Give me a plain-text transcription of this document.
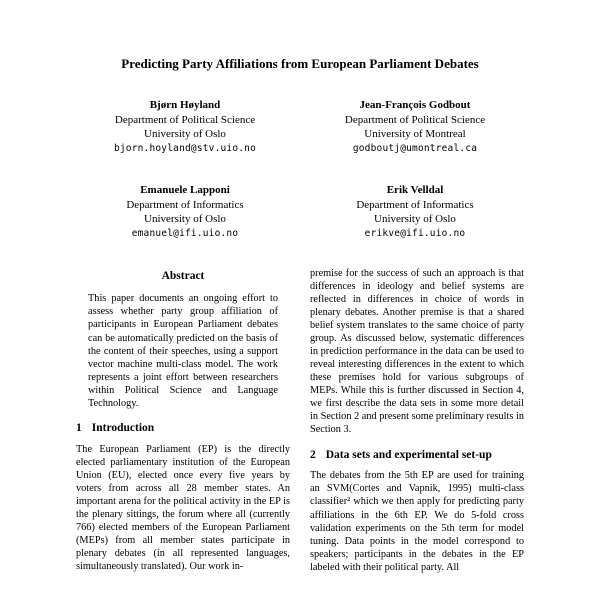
Predicting Party Affiliations from European Parliament Debates
Bjørn Høyland
Department of Political Science
University of Oslo
bjorn.hoyland@stv.uio.no
Jean-François Godbout
Department of Political Science
University of Montreal
godboutj@umontreal.ca
Emanuele Lapponi
Department of Informatics
University of Oslo
emanuel@ifi.uio.no
Erik Velldal
Department of Informatics
University of Oslo
erikve@ifi.uio.no
Abstract

This paper documents an ongoing effort to assess whether party group affiliation of participants in European Parliament debates can be automatically predicted on the basis of the content of their speeches, using a support vector machine multi-class model. The work represents a joint effort between researchers within Political Science and Language Technology.

1 Introduction

The European Parliament (EP) is the directly elected parliamentary institution of the European Union (EU), elected once every five years by voters from across all 28 member states. An important arena for the political activity in the EP is the plenary sittings, the forum where all (currently 766) elected members of the European Parliament (MEPs) from all member states participate in plenary debates (in all represented languages, simultaneously translated). Our work in-

premise for the success of such an approach is that differences in ideology and belief systems are reflected in differences in choice of words in plenary debates. Another premise is that a shared belief system translates to the same choice of party group. As discussed below, systematic differences in prediction performance in the data can be used to reveal interesting differences in the extent to which these premises hold for various subgroups of MEPs. While this is further discussed in Section 4, we first describe the data sets in some more detail in Section 2 and present some preliminary results in Section 3.

2 Data sets and experimental set-up

The debates from the 5th EP are used for training an SVM(Cortes and Vapnik, 1995) multi-class classifier² which we then apply for predicting party affiliations in the 6th EP. We do 5-fold cross validation experiments on the 5th term for model tuning. Data points in the model correspond to speakers; participants in the debates in the EP labeled with their political party. All
